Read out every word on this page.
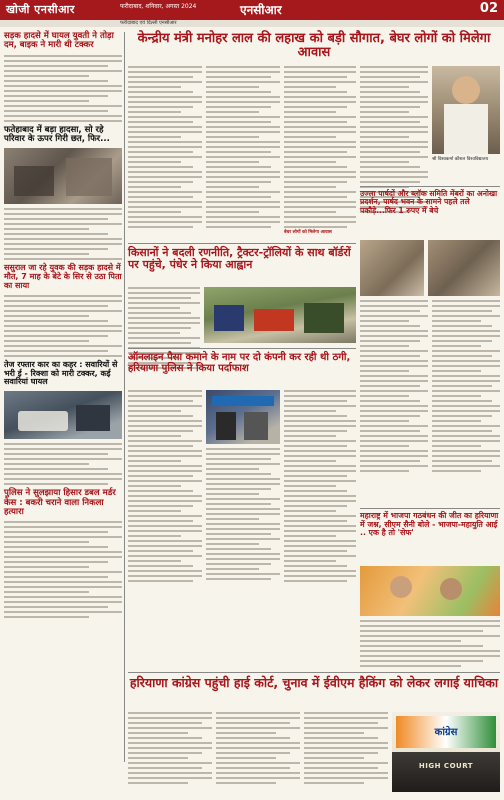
खोजी एनसीआर	फरीदाबाद, शनिवार, अगस्त 2024	एनसीआर	02
फरीदाबाद एवं दिल्ली एनसीआर
सड़क हादसे में घायल युवती ने तोड़ा दम, बाइक ने मारी थी टक्कर
फतेहाबाद में बड़ा हादसा, सो रहे परिवार के ऊपर गिरी छत, फिर...
ससुराल जा रहे युवक की सड़क हादसे में मौत, 7 माह के बेटे के सिर से उठा पिता का साया
तेज रफ्तार कार का कहर : सवारियों से भरी ई - रिक्शा को मारी टक्कर, कई सवारियां घायल
पुलिस ने सुलझाया हिसार डबल मर्डर केस : बकरी चराने वाला निकला हत्यारा
केन्द्रीय मंत्री मनोहर लाल की लहाख को बड़ी सौगात, बेघर लोगों को मिलेगा आवास
बेघर लोगों को मिलेगा आवास
श्री विश्वकर्मा कौशल विश्वविद्यालय
उज्ला पार्षदों और ब्लॉक समिति मेंबरों का अनोखा प्रदर्शन, पार्षद भवन के सामने पहले तले पकौड़े...फिर 1 रुपए में बेचे
किसानों ने बदली रणनीति, ट्रैक्टर-ट्रॉलियों के साथ बॉर्डरों पर पहुंचे, पंधेर ने किया आह्वान
ऑनलाइन पैसा कमाने के नाम पर दो कंपनी कर रही थी ठगी, हरियाणा पुलिस ने किया पर्दाफाश
महाराष्ट्र में भाजपा गठबंधन की जीत का हरियाणा में जश्न, सीएम सैनी बोले - भाजपा-महायुति आई .. एक है तो 'सेफ'
हरियाणा कांग्रेस पहुंची हाई कोर्ट, चुनाव में ईवीएम हैकिंग को लेकर लगाई याचिका
कांग्रेस
HIGH COURT
